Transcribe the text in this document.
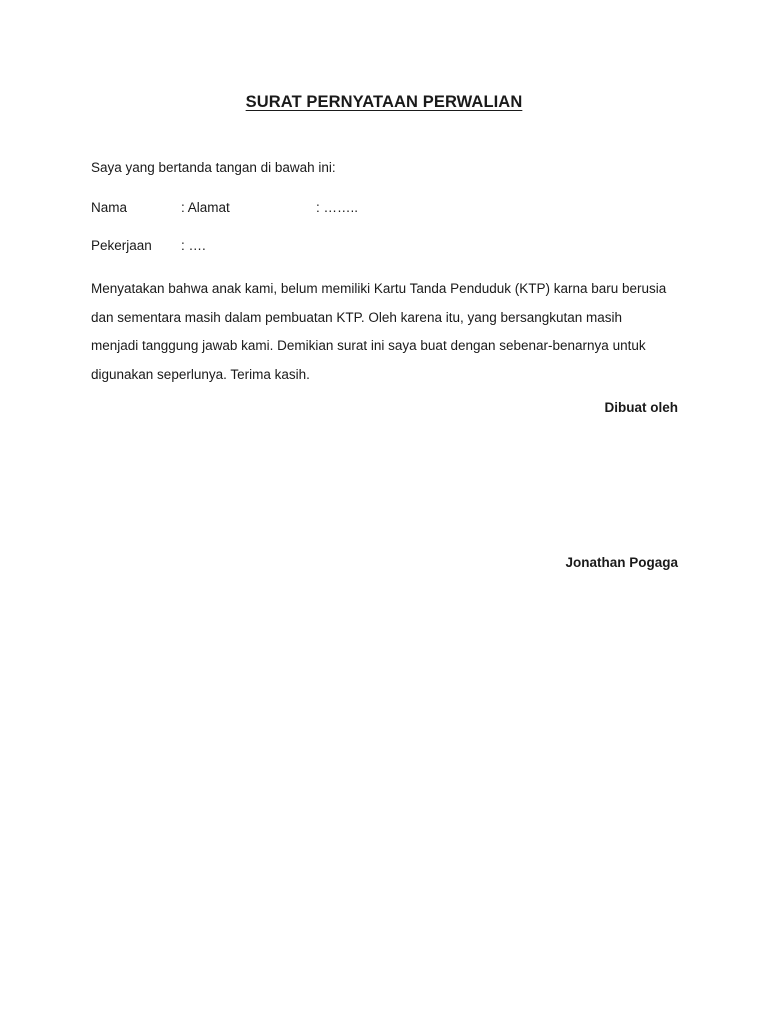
SURAT PERNYATAAN PERWALIAN
Saya yang bertanda tangan di bawah ini:
Nama	: Alamat	: ……..
Pekerjaan : ….
Menyatakan bahwa anak kami, belum memiliki Kartu Tanda Penduduk (KTP) karna baru berusia
dan sementara masih dalam pembuatan KTP. Oleh karena itu, yang bersangkutan masih
menjadi tanggung jawab kami. Demikian surat ini saya buat dengan sebenar-benarnya untuk
digunakan seperlunya. Terima kasih.
Dibuat oleh
Jonathan Pogaga
